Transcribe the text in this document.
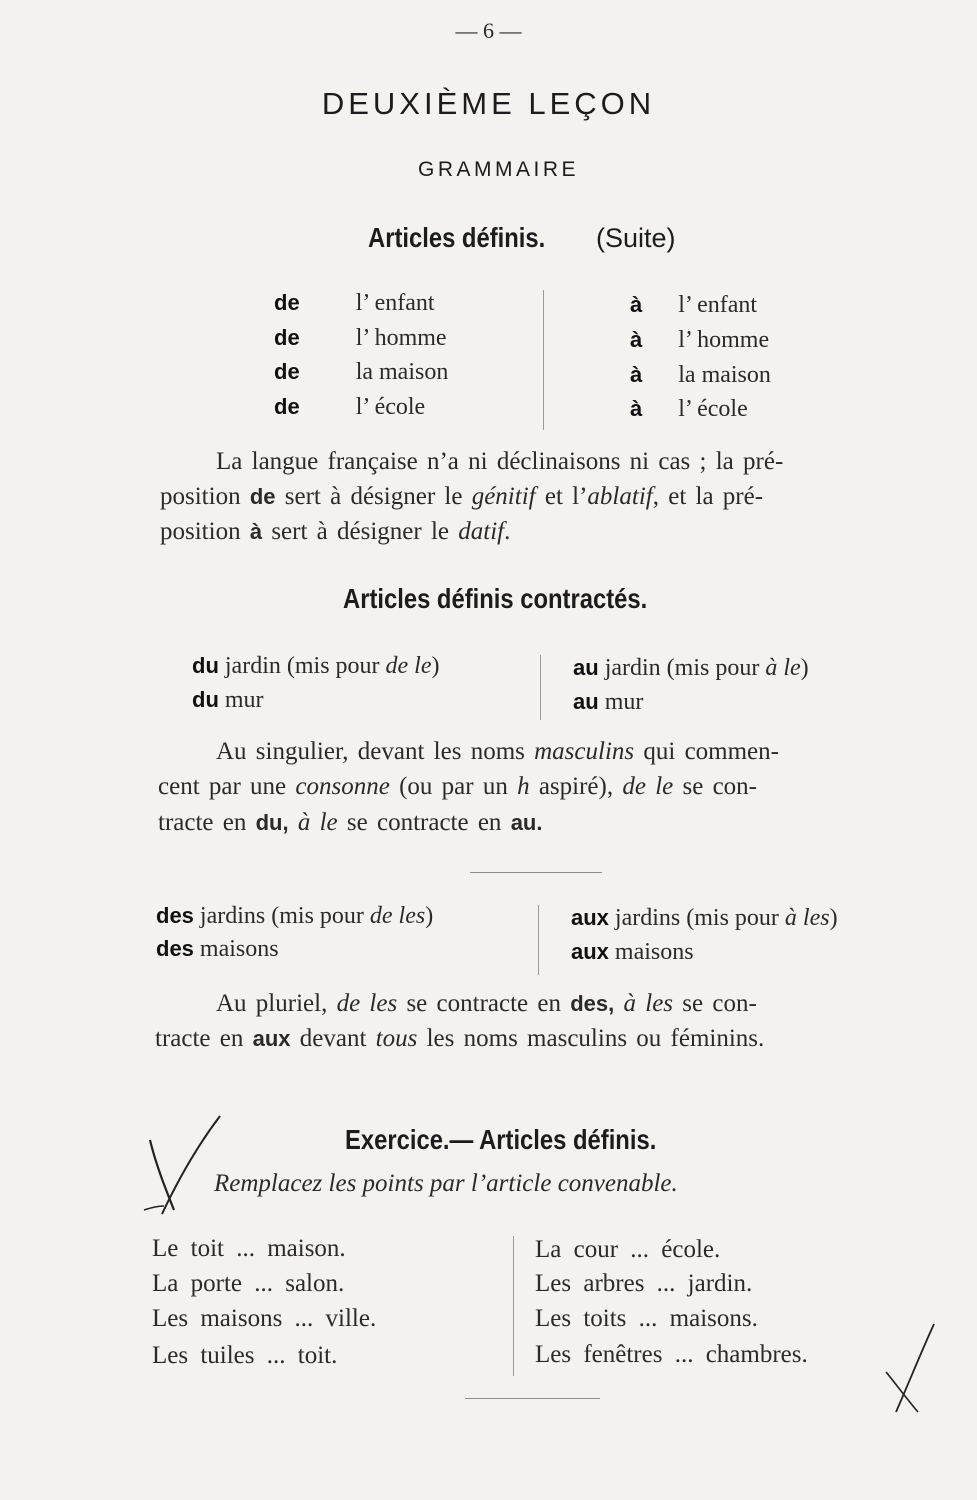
— 6 —
DEUXIÈME LEÇON
GRAMMAIRE
Articles définis. (Suite)
de l’ enfant
de l’ homme
de la maison
de l’ école
à l’ enfant
à l’ homme
à la maison
à l’ école
La langue française n’a ni déclinaisons ni cas ; la pré-
position de sert à désigner le génitif et l’ablatif, et la pré-
position à sert à désigner le datif.
Articles définis contractés.
du jardin (mis pour de le)
du mur
au jardin (mis pour à le)
au mur
Au singulier, devant les noms masculins qui commen-
cent par une consonne (ou par un h aspiré), de le se con-
tracte en du, à le se contracte en au.
des jardins (mis pour de les)
des maisons
aux jardins (mis pour à les)
aux maisons
Au pluriel, de les se contracte en des, à les se con-
tracte en aux devant tous les noms masculins ou féminins.
Exercice.— Articles définis.
Remplacez les points par l’article convenable.
Le toit ... maison.
La porte ... salon.
Les maisons ... ville.
Les tuiles ... toit.
La cour ... école.
Les arbres ... jardin.
Les toits ... maisons.
Les fenêtres ... chambres.
